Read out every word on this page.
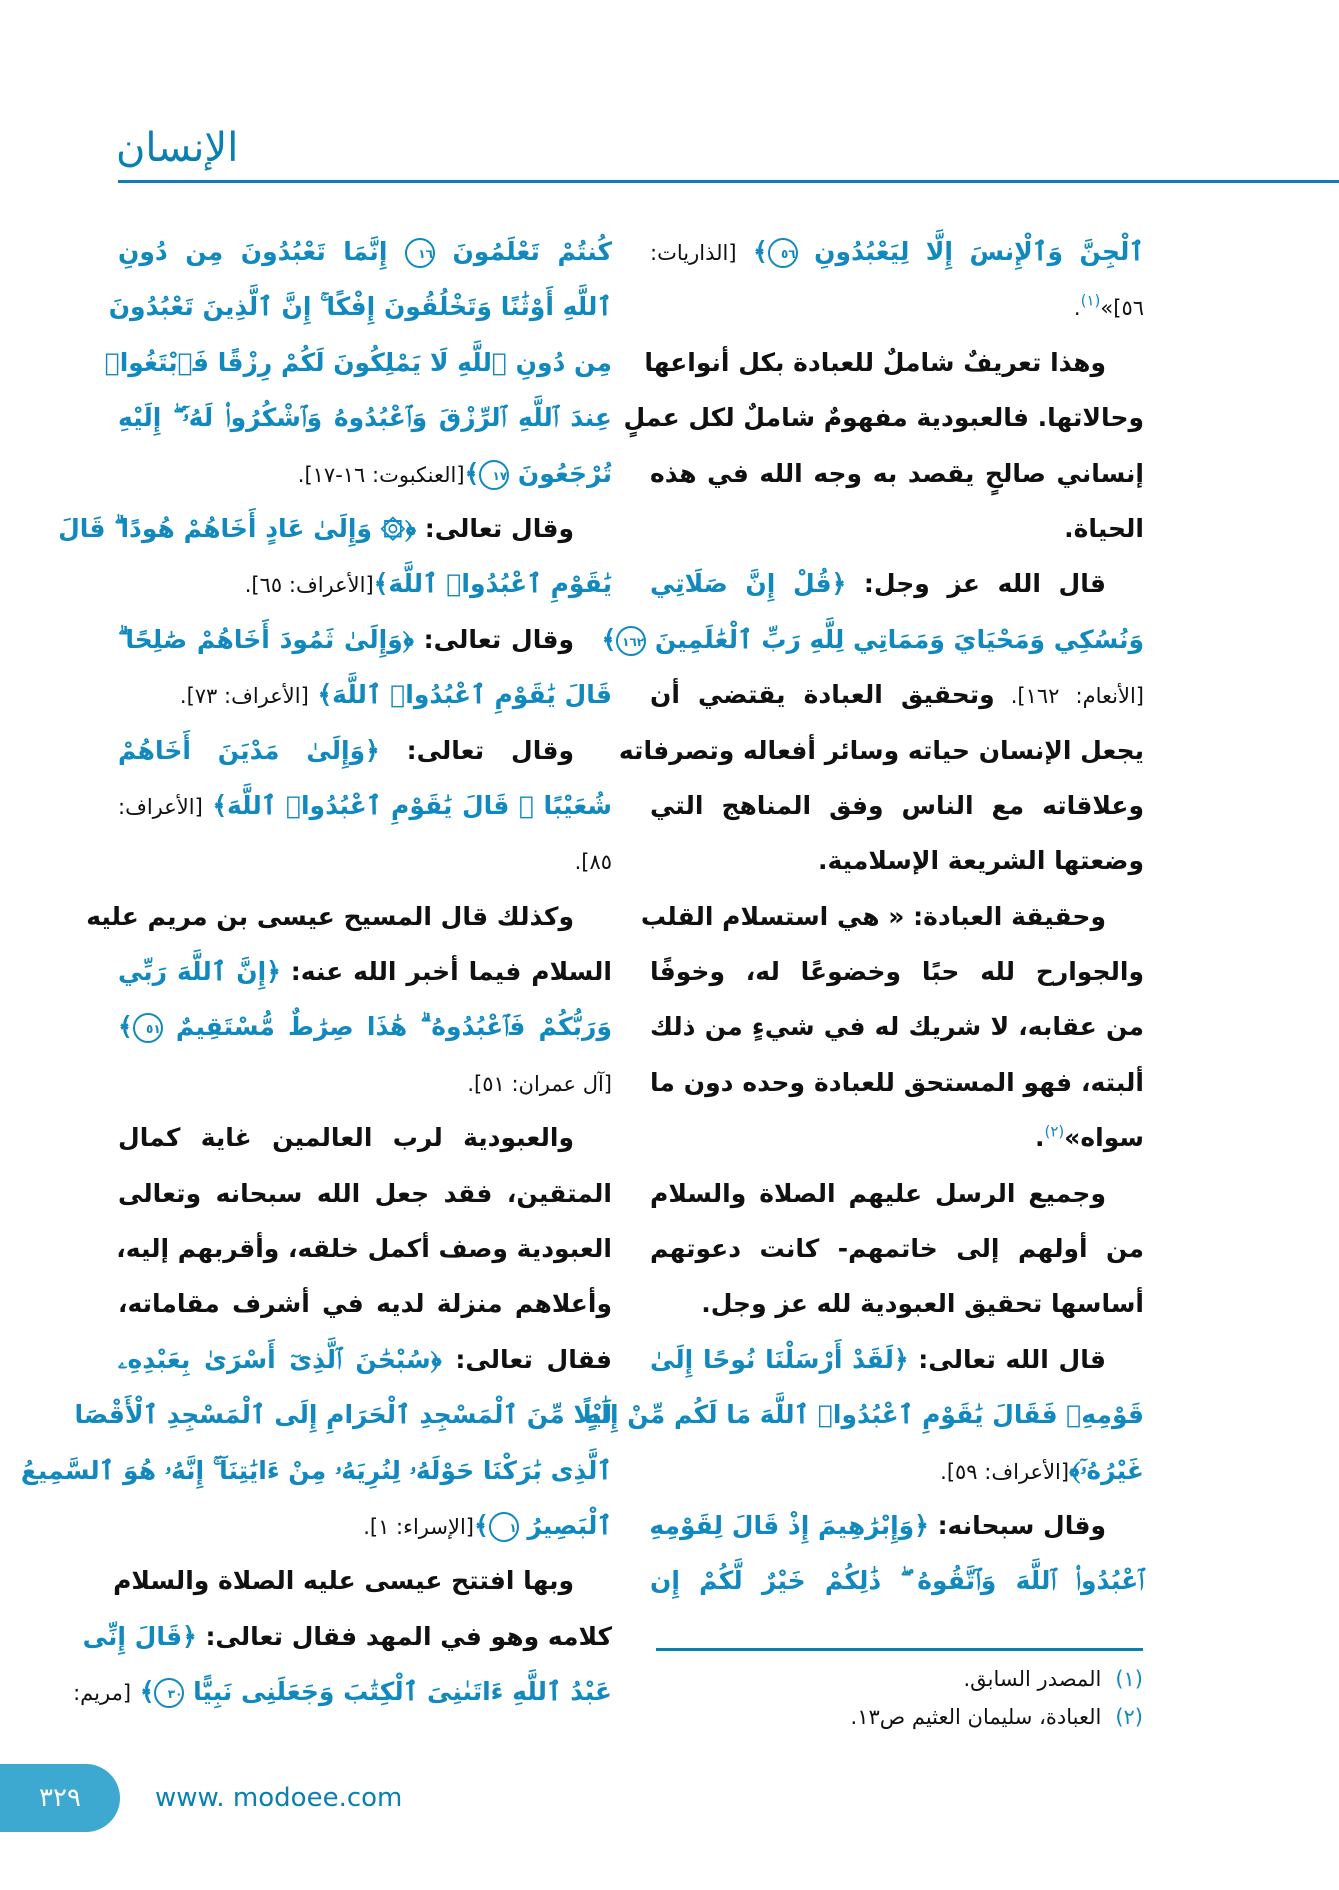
الإنسان
ٱلْجِنَّ وَٱلْإِنسَ إِلَّا لِيَعْبُدُونِ ٥٦﴾ [الذاريات:
٥٦]»$^{(١)}$.
وهذا تعريفٌ شاملٌ للعبادة بكل أنواعها
وحالاتها. فالعبودية مفهومٌ شاملٌ لكل عملٍ
إنساني صالحٍ يقصد به وجه الله في هذه
الحياة.
قال الله عز وجل: ﴿قُلْ إِنَّ صَلَاتِي
وَنُسُكِي وَمَحْيَايَ وَمَمَاتِي لِلَّهِ رَبِّ ٱلْعَٰلَمِينَ ١٦٢﴾
[الأنعام: ١٦٢]. وتحقيق العبادة يقتضي أن
يجعل الإنسان حياته وسائر أفعاله وتصرفاته
وعلاقاته مع الناس وفق المناهج التي
وضعتها الشريعة الإسلامية.
وحقيقة العبادة: « هي استسلام القلب
والجوارح لله حبًا وخضوعًا له، وخوفًا
من عقابه، لا شريك له في شيءٍ من ذلك
ألبته، فهو المستحق للعبادة وحده دون ما
سواه»$^{(٢)}$.
وجميع الرسل عليهم الصلاة والسلام
من أولهم إلى خاتمهم- كانت دعوتهم
أساسها تحقيق العبودية لله عز وجل.
قال الله تعالى: ﴿لَقَدْ أَرْسَلْنَا نُوحًا إِلَىٰ
قَوْمِهِۦ فَقَالَ يَٰقَوْمِ ٱعْبُدُوا۟ ٱللَّهَ مَا لَكُم مِّنْ إِلَٰهٍ
غَيْرُهُۥٓ﴾[الأعراف: ٥٩].
وقال سبحانه: ﴿وَإِبْرَٰهِيمَ إِذْ قَالَ لِقَوْمِهِ
ٱعْبُدُوا۟ ٱللَّهَ وَٱتَّقُوهُ ۖ ذَٰلِكُمْ خَيْرٌ لَّكُمْ إِن
كُنتُمْ تَعْلَمُونَ ١٦ إِنَّمَا تَعْبُدُونَ مِن دُونِ
ٱللَّهِ أَوْثَٰنًا وَتَخْلُقُونَ إِفْكًا ۚ إِنَّ ٱلَّذِينَ تَعْبُدُونَ
مِن دُونِ ٱللَّهِ لَا يَمْلِكُونَ لَكُمْ رِزْقًا فَٱبْتَغُوا۟
عِندَ ٱللَّهِ ٱلرِّزْقَ وَٱعْبُدُوهُ وَٱشْكُرُوا۟ لَهُۥٓ ۖ إِلَيْهِ
تُرْجَعُونَ ١٧﴾[العنكبوت: ١٦-١٧].
وقال تعالى: ﴿۞ وَإِلَىٰ عَادٍ أَخَاهُمْ هُودًا ۗ قَالَ
يَٰقَوْمِ ٱعْبُدُوا۟ ٱللَّهَ﴾[الأعراف: ٦٥].
وقال تعالى: ﴿وَإِلَىٰ ثَمُودَ أَخَاهُمْ صَٰلِحًا ۗ
قَالَ يَٰقَوْمِ ٱعْبُدُوا۟ ٱللَّهَ﴾ [الأعراف: ٧٣].
وقال تعالى: ﴿وَإِلَىٰ مَدْيَنَ أَخَاهُمْ
شُعَيْبًا ۗ قَالَ يَٰقَوْمِ ٱعْبُدُوا۟ ٱللَّهَ﴾ [الأعراف:
٨٥].
وكذلك قال المسيح عيسى بن مريم عليه
السلام فيما أخبر الله عنه: ﴿إِنَّ ٱللَّهَ رَبِّي
وَرَبُّكُمْ فَٱعْبُدُوهُ ۗ هَٰذَا صِرَٰطٌ مُّسْتَقِيمٌ ٥١﴾
[آل عمران: ٥١].
والعبودية لرب العالمين غاية كمال
المتقين، فقد جعل الله سبحانه وتعالى
العبودية وصف أكمل خلقه، وأقربهم إليه،
وأعلاهم منزلة لديه في أشرف مقاماته،
فقال تعالى: ﴿سُبْحَٰنَ ٱلَّذِىٓ أَسْرَىٰ بِعَبْدِهِۦ
لَيْلًا مِّنَ ٱلْمَسْجِدِ ٱلْحَرَامِ إِلَى ٱلْمَسْجِدِ ٱلْأَقْصَا
ٱلَّذِى بَٰرَكْنَا حَوْلَهُۥ لِنُرِيَهُۥ مِنْ ءَايَٰتِنَآ ۚ إِنَّهُۥ هُوَ ٱلسَّمِيعُ
ٱلْبَصِيرُ ١﴾[الإسراء: ١].
وبها افتتح عيسى عليه الصلاة والسلام
كلامه وهو في المهد فقال تعالى: ﴿قَالَ إِنِّى
عَبْدُ ٱللَّهِ ءَاتَىٰنِىَ ٱلْكِتَٰبَ وَجَعَلَنِى نَبِيًّا ٣٠﴾ [مريم:
(١)المصدر السابق.
(٢)العبادة، سليمان العثيم ص١٣.
٣٢٩	www. modoee.com
